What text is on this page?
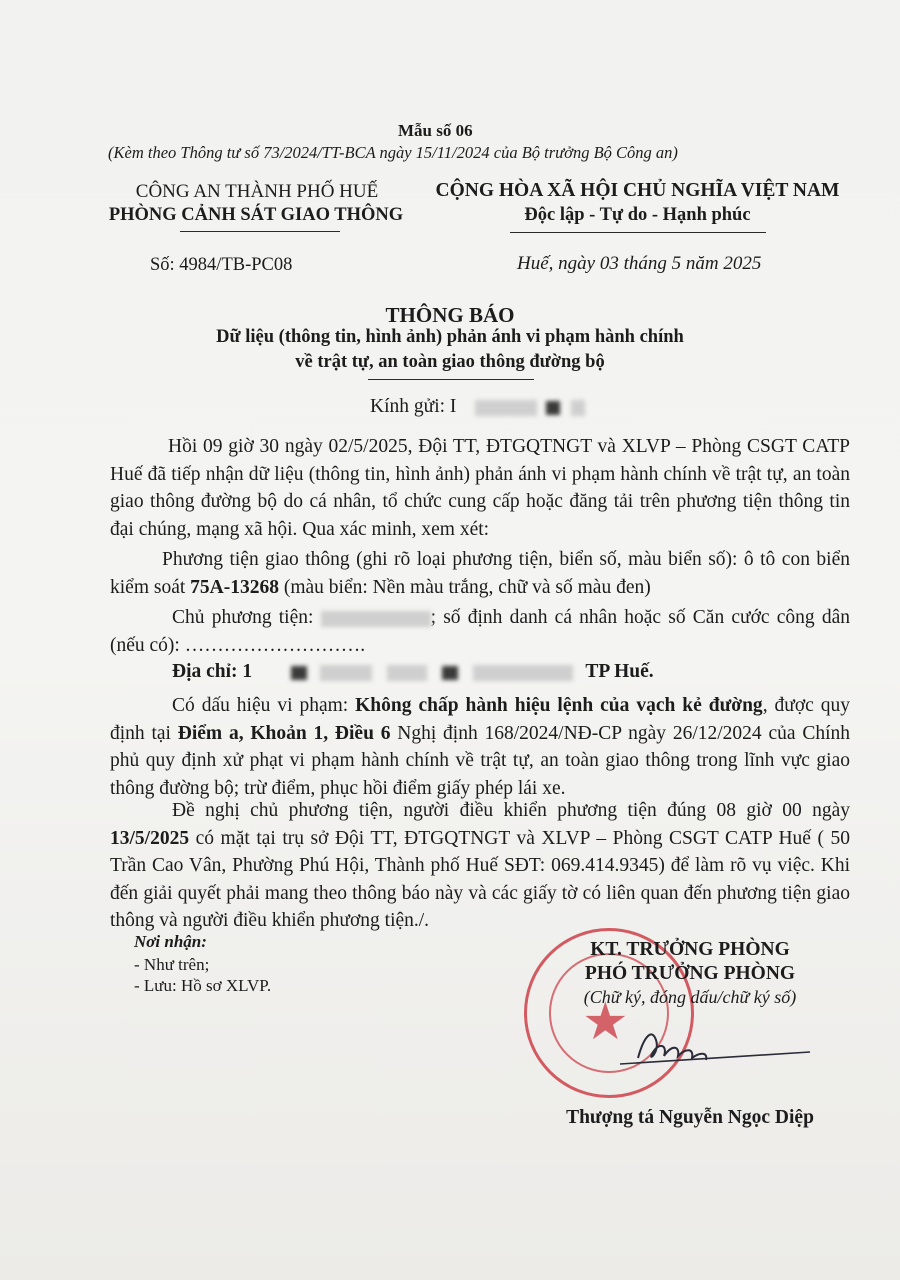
Mẫu số 06
(Kèm theo Thông tư số 73/2024/TT-BCA ngày 15/11/2024 của Bộ trưởng Bộ Công an)
CÔNG AN THÀNH PHỐ HUẾ
PHÒNG CẢNH SÁT GIAO THÔNG
CỘNG HÒA XÃ HỘI CHỦ NGHĨA VIỆT NAM
Độc lập - Tự do - Hạnh phúc
Số: 4984/TB-PC08	Huế, ngày 03 tháng 5 năm 2025
THÔNG BÁO
Dữ liệu (thông tin, hình ảnh) phản ánh vi phạm hành chính
về trật tự, an toàn giao thông đường bộ
Kính gửi: I

Hồi 09 giờ 30 ngày 02/5/2025, Đội TT, ĐTGQTNGT và XLVP – Phòng CSGT CATP Huế đã tiếp nhận dữ liệu (thông tin, hình ảnh) phản ánh vi phạm hành chính về trật tự, an toàn giao thông đường bộ do cá nhân, tổ chức cung cấp hoặc đăng tải trên phương tiện thông tin đại chúng, mạng xã hội. Qua xác minh, xem xét:

Phương tiện giao thông (ghi rõ loại phương tiện, biển số, màu biển số): ô tô con biển kiểm soát 75A-13268 (màu biển: Nền màu trắng, chữ và số màu đen)

Chủ phương tiện:	; số định danh cá nhân hoặc số Căn cước công dân (nếu có): ……………………….

Địa chỉ: 1	TP Huế.

Có dấu hiệu vi phạm: Không chấp hành hiệu lệnh của vạch kẻ đường, được quy định tại Điểm a, Khoản 1, Điều 6 Nghị định 168/2024/NĐ-CP ngày 26/12/2024 của Chính phủ quy định xử phạt vi phạm hành chính về trật tự, an toàn giao thông trong lĩnh vực giao thông đường bộ; trừ điểm, phục hồi điểm giấy phép lái xe.

Đề nghị chủ phương tiện, người điều khiển phương tiện đúng 08 giờ 00 ngày 13/5/2025 có mặt tại trụ sở Đội TT, ĐTGQTNGT và XLVP – Phòng CSGT CATP Huế ( 50 Trần Cao Vân, Phường Phú Hội, Thành phố Huế SĐT: 069.414.9345) để làm rõ vụ việc. Khi đến giải quyết phải mang theo thông báo này và các giấy tờ có liên quan đến phương tiện giao thông và người điều khiển phương tiện./.

Nơi nhận:
- Như trên;
- Lưu: Hồ sơ XLVP.
★
KT. TRƯỞNG PHÒNG
PHÓ TRƯỞNG PHÒNG
(Chữ ký, đóng dấu/chữ ký số)
Thượng tá Nguyễn Ngọc Diệp
